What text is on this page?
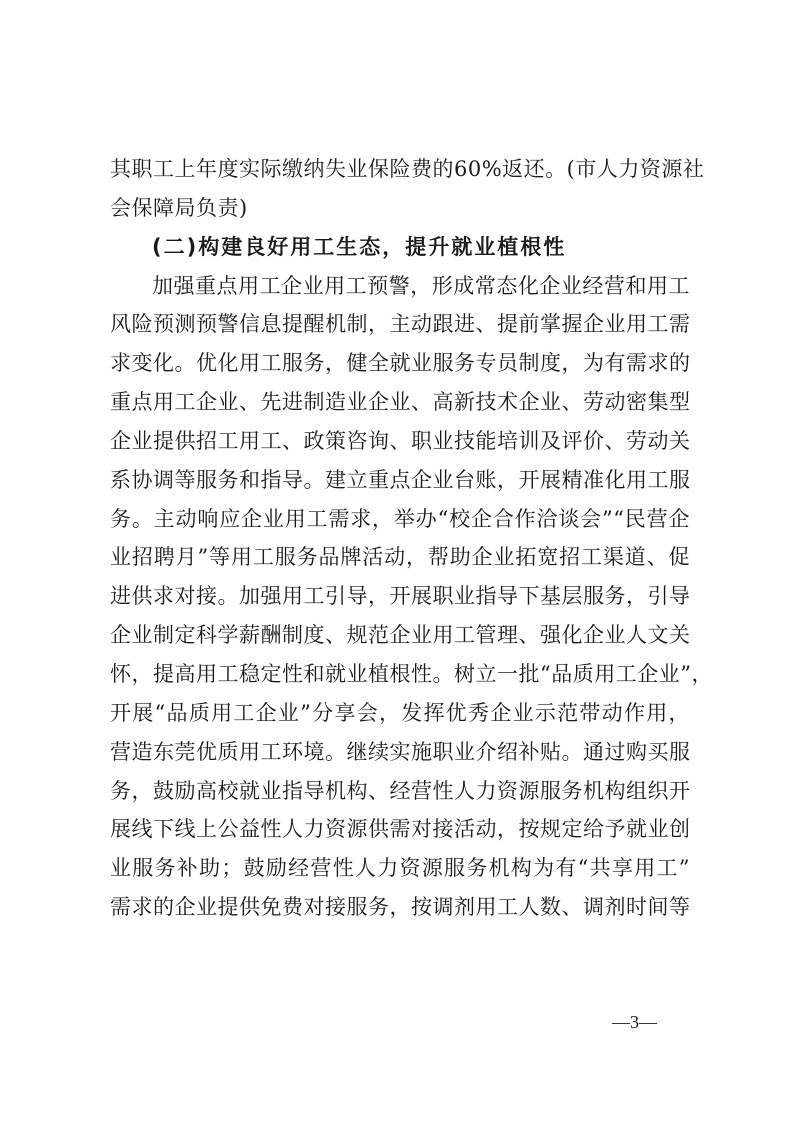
其职工上年度实际缴纳失业保险费的60%返还。(市人力资源社
会保障局负责)
(二)构建良好用工生态，提升就业植根性
加强重点用工企业用工预警，形成常态化企业经营和用工
风险预测预警信息提醒机制，主动跟进、提前掌握企业用工需
求变化。优化用工服务，健全就业服务专员制度，为有需求的
重点用工企业、先进制造业企业、高新技术企业、劳动密集型
企业提供招工用工、政策咨询、职业技能培训及评价、劳动关
系协调等服务和指导。建立重点企业台账，开展精准化用工服
务。主动响应企业用工需求，举办“校企合作洽谈会”“民营企
业招聘月”等用工服务品牌活动，帮助企业拓宽招工渠道、促
进供求对接。加强用工引导，开展职业指导下基层服务，引导
企业制定科学薪酬制度、规范企业用工管理、强化企业人文关
怀，提高用工稳定性和就业植根性。树立一批“品质用工企业”，
开展“品质用工企业”分享会，发挥优秀企业示范带动作用，
营造东莞优质用工环境。继续实施职业介绍补贴。通过购买服
务，鼓励高校就业指导机构、经营性人力资源服务机构组织开
展线下线上公益性人力资源供需对接活动，按规定给予就业创
业服务补助；鼓励经营性人力资源服务机构为有“共享用工”
需求的企业提供免费对接服务，按调剂用工人数、调剂时间等
—3—
